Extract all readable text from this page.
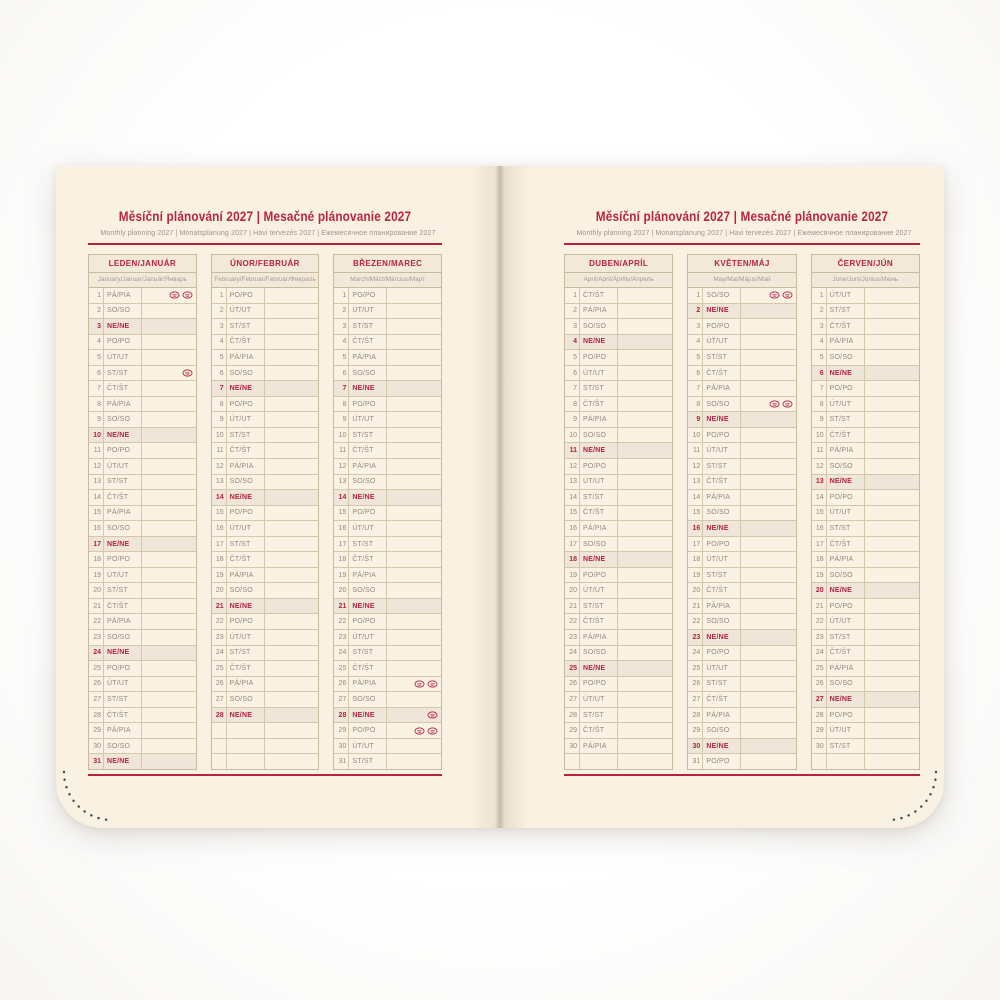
Měsíční plánování 2027 | Mesačné plánovanie 2027
Monthly planning 2027 | Monatsplanung 2027 | Havi tervezés 2027 | Ежемесячное планирование 2027
LEDEN/JANUÁR
January/Januar/Január/Январь
1 PÁ/PIA
2 SO/SO
3 NE/NE
4 PO/PO
5 ÚT/UT
6 ST/ST
7 ČT/ŠT
8 PÁ/PIA
9 SO/SO
10 NE/NE
11 PO/PO
12 ÚT/UT
13 ST/ST
14 ČT/ŠT
15 PÁ/PIA
16 SO/SO
17 NE/NE
18 PO/PO
19 ÚT/UT
20 ST/ST
21 ČT/ŠT
22 PÁ/PIA
23 SO/SO
24 NE/NE
25 PO/PO
26 ÚT/UT
27 ST/ST
28 ČT/ŠT
29 PÁ/PIA
30 SO/SO
31 NE/NE
ÚNOR/FEBRUÁR
February/Februar/Február/Февраль
1 PO/PO
2 ÚT/UT
3 ST/ST
4 ČT/ŠT
5 PÁ/PIA
6 SO/SO
7 NE/NE
8 PO/PO
9 ÚT/UT
10 ST/ST
11 ČT/ŠT
12 PÁ/PIA
13 SO/SO
14 NE/NE
15 PO/PO
16 ÚT/UT
17 ST/ST
18 ČT/ŠT
19 PÁ/PIA
20 SO/SO
21 NE/NE
22 PO/PO
23 ÚT/UT
24 ST/ST
25 ČT/ŠT
26 PÁ/PIA
27 SO/SO
28 NE/NE
BŘEZEN/MAREC
March/März/Március/Март
1 PO/PO
2 ÚT/UT
3 ST/ST
4 ČT/ŠT
5 PÁ/PIA
6 SO/SO
7 NE/NE
8 PO/PO
9 ÚT/UT
10 ST/ST
11 ČT/ŠT
12 PÁ/PIA
13 SO/SO
14 NE/NE
15 PO/PO
16 ÚT/UT
17 ST/ST
18 ČT/ŠT
19 PÁ/PIA
20 SO/SO
21 NE/NE
22 PO/PO
23 ÚT/UT
24 ST/ST
25 ČT/ŠT
26 PÁ/PIA
27 SO/SO
28 NE/NE
29 PO/PO
30 ÚT/UT
31 ST/ST
Měsíční plánování 2027 | Mesačné plánovanie 2027
Monthly planning 2027 | Monatsplanung 2027 | Havi tervezés 2027 | Ежемесячное планирование 2027
DUBEN/APRÍL
April/April/Április/Апрель
1 ČT/ŠT
2 PÁ/PIA
3 SO/SO
4 NE/NE
5 PO/PO
6 ÚT/UT
7 ST/ST
8 ČT/ŠT
9 PÁ/PIA
10 SO/SO
11 NE/NE
12 PO/PO
13 ÚT/UT
14 ST/ST
15 ČT/ŠT
16 PÁ/PIA
17 SO/SO
18 NE/NE
19 PO/PO
20 ÚT/UT
21 ST/ST
22 ČT/ŠT
23 PÁ/PIA
24 SO/SO
25 NE/NE
26 PO/PO
27 ÚT/UT
28 ST/ST
29 ČT/ŠT
30 PÁ/PIA
KVĚTEN/MÁJ
May/Mai/Május/Май
1 SO/SO
2 NE/NE
3 PO/PO
4 ÚT/UT
5 ST/ST
6 ČT/ŠT
7 PÁ/PIA
8 SO/SO
9 NE/NE
10 PO/PO
11 ÚT/UT
12 ST/ST
13 ČT/ŠT
14 PÁ/PIA
15 SO/SO
16 NE/NE
17 PO/PO
18 ÚT/UT
19 ST/ST
20 ČT/ŠT
21 PÁ/PIA
22 SO/SO
23 NE/NE
24 PO/PO
25 ÚT/UT
26 ST/ST
27 ČT/ŠT
28 PÁ/PIA
29 SO/SO
30 NE/NE
31 PO/PO
ČERVEN/JÚN
June/Juni/Június/Июнь
1 ÚT/UT
2 ST/ST
3 ČT/ŠT
4 PÁ/PIA
5 SO/SO
6 NE/NE
7 PO/PO
8 ÚT/UT
9 ST/ST
10 ČT/ŠT
11 PÁ/PIA
12 SO/SO
13 NE/NE
14 PO/PO
15 ÚT/UT
16 ST/ST
17 ČT/ŠT
18 PÁ/PIA
19 SO/SO
20 NE/NE
21 PO/PO
22 ÚT/UT
23 ST/ST
24 ČT/ŠT
25 PÁ/PIA
26 SO/SO
27 NE/NE
28 PO/PO
29 ÚT/UT
30 ST/ST
